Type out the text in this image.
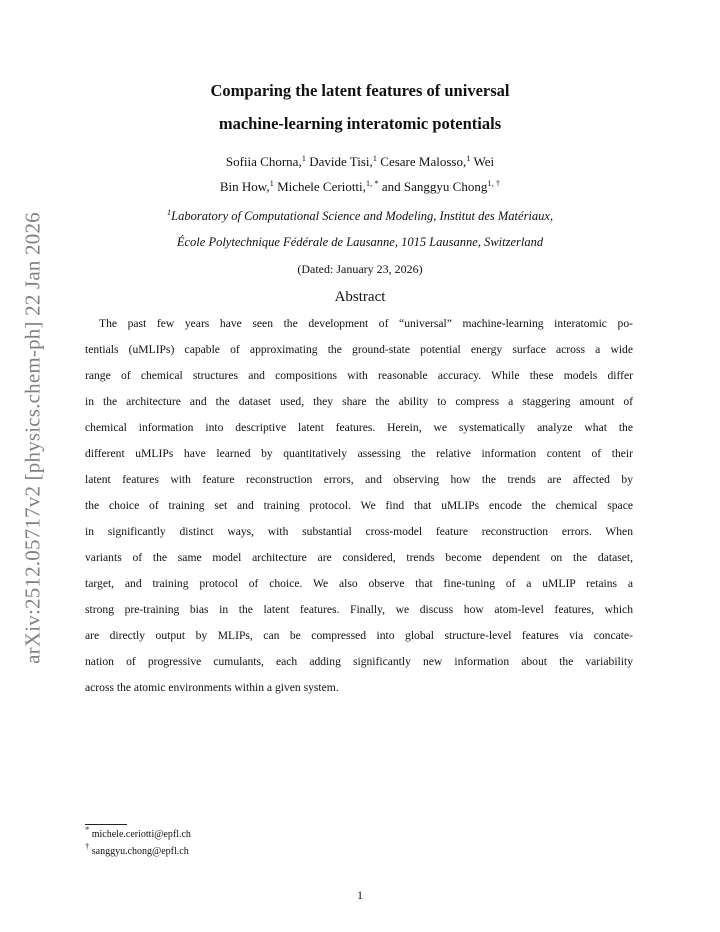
arXiv:2512.05717v2 [physics.chem-ph] 22 Jan 2026
Comparing the latent features of universal
machine-learning interatomic potentials
Sofiia Chorna,$^1$ Davide Tisi,$^1$ Cesare Malosso,$^1$ Wei
Bin How,$^1$ Michele Ceriotti,$^{1, *}$ and Sanggyu Chong$^{1, \dagger}$
$^1$Laboratory of Computational Science and Modeling, Institut des Matériaux,
École Polytechnique Fédérale de Lausanne, 1015 Lausanne, Switzerland
(Dated: January 23, 2026)
Abstract
The past few years have seen the development of “universal” machine-learning interatomic po-
tentials (uMLIPs) capable of approximating the ground-state potential energy surface across a wide
range of chemical structures and compositions with reasonable accuracy. While these models differ
in the architecture and the dataset used, they share the ability to compress a staggering amount of
chemical information into descriptive latent features. Herein, we systematically analyze what the
different uMLIPs have learned by quantitatively assessing the relative information content of their
latent features with feature reconstruction errors, and observing how the trends are affected by
the choice of training set and training protocol. We find that uMLIPs encode the chemical space
in significantly distinct ways, with substantial cross-model feature reconstruction errors. When
variants of the same model architecture are considered, trends become dependent on the dataset,
target, and training protocol of choice. We also observe that fine-tuning of a uMLIP retains a
strong pre-training bias in the latent features. Finally, we discuss how atom-level features, which
are directly output by MLIPs, can be compressed into global structure-level features via concate-
nation of progressive cumulants, each adding significantly new information about the variability
across the atomic environments within a given system.
* michele.ceriotti@epfl.ch
† sanggyu.chong@epfl.ch
1
